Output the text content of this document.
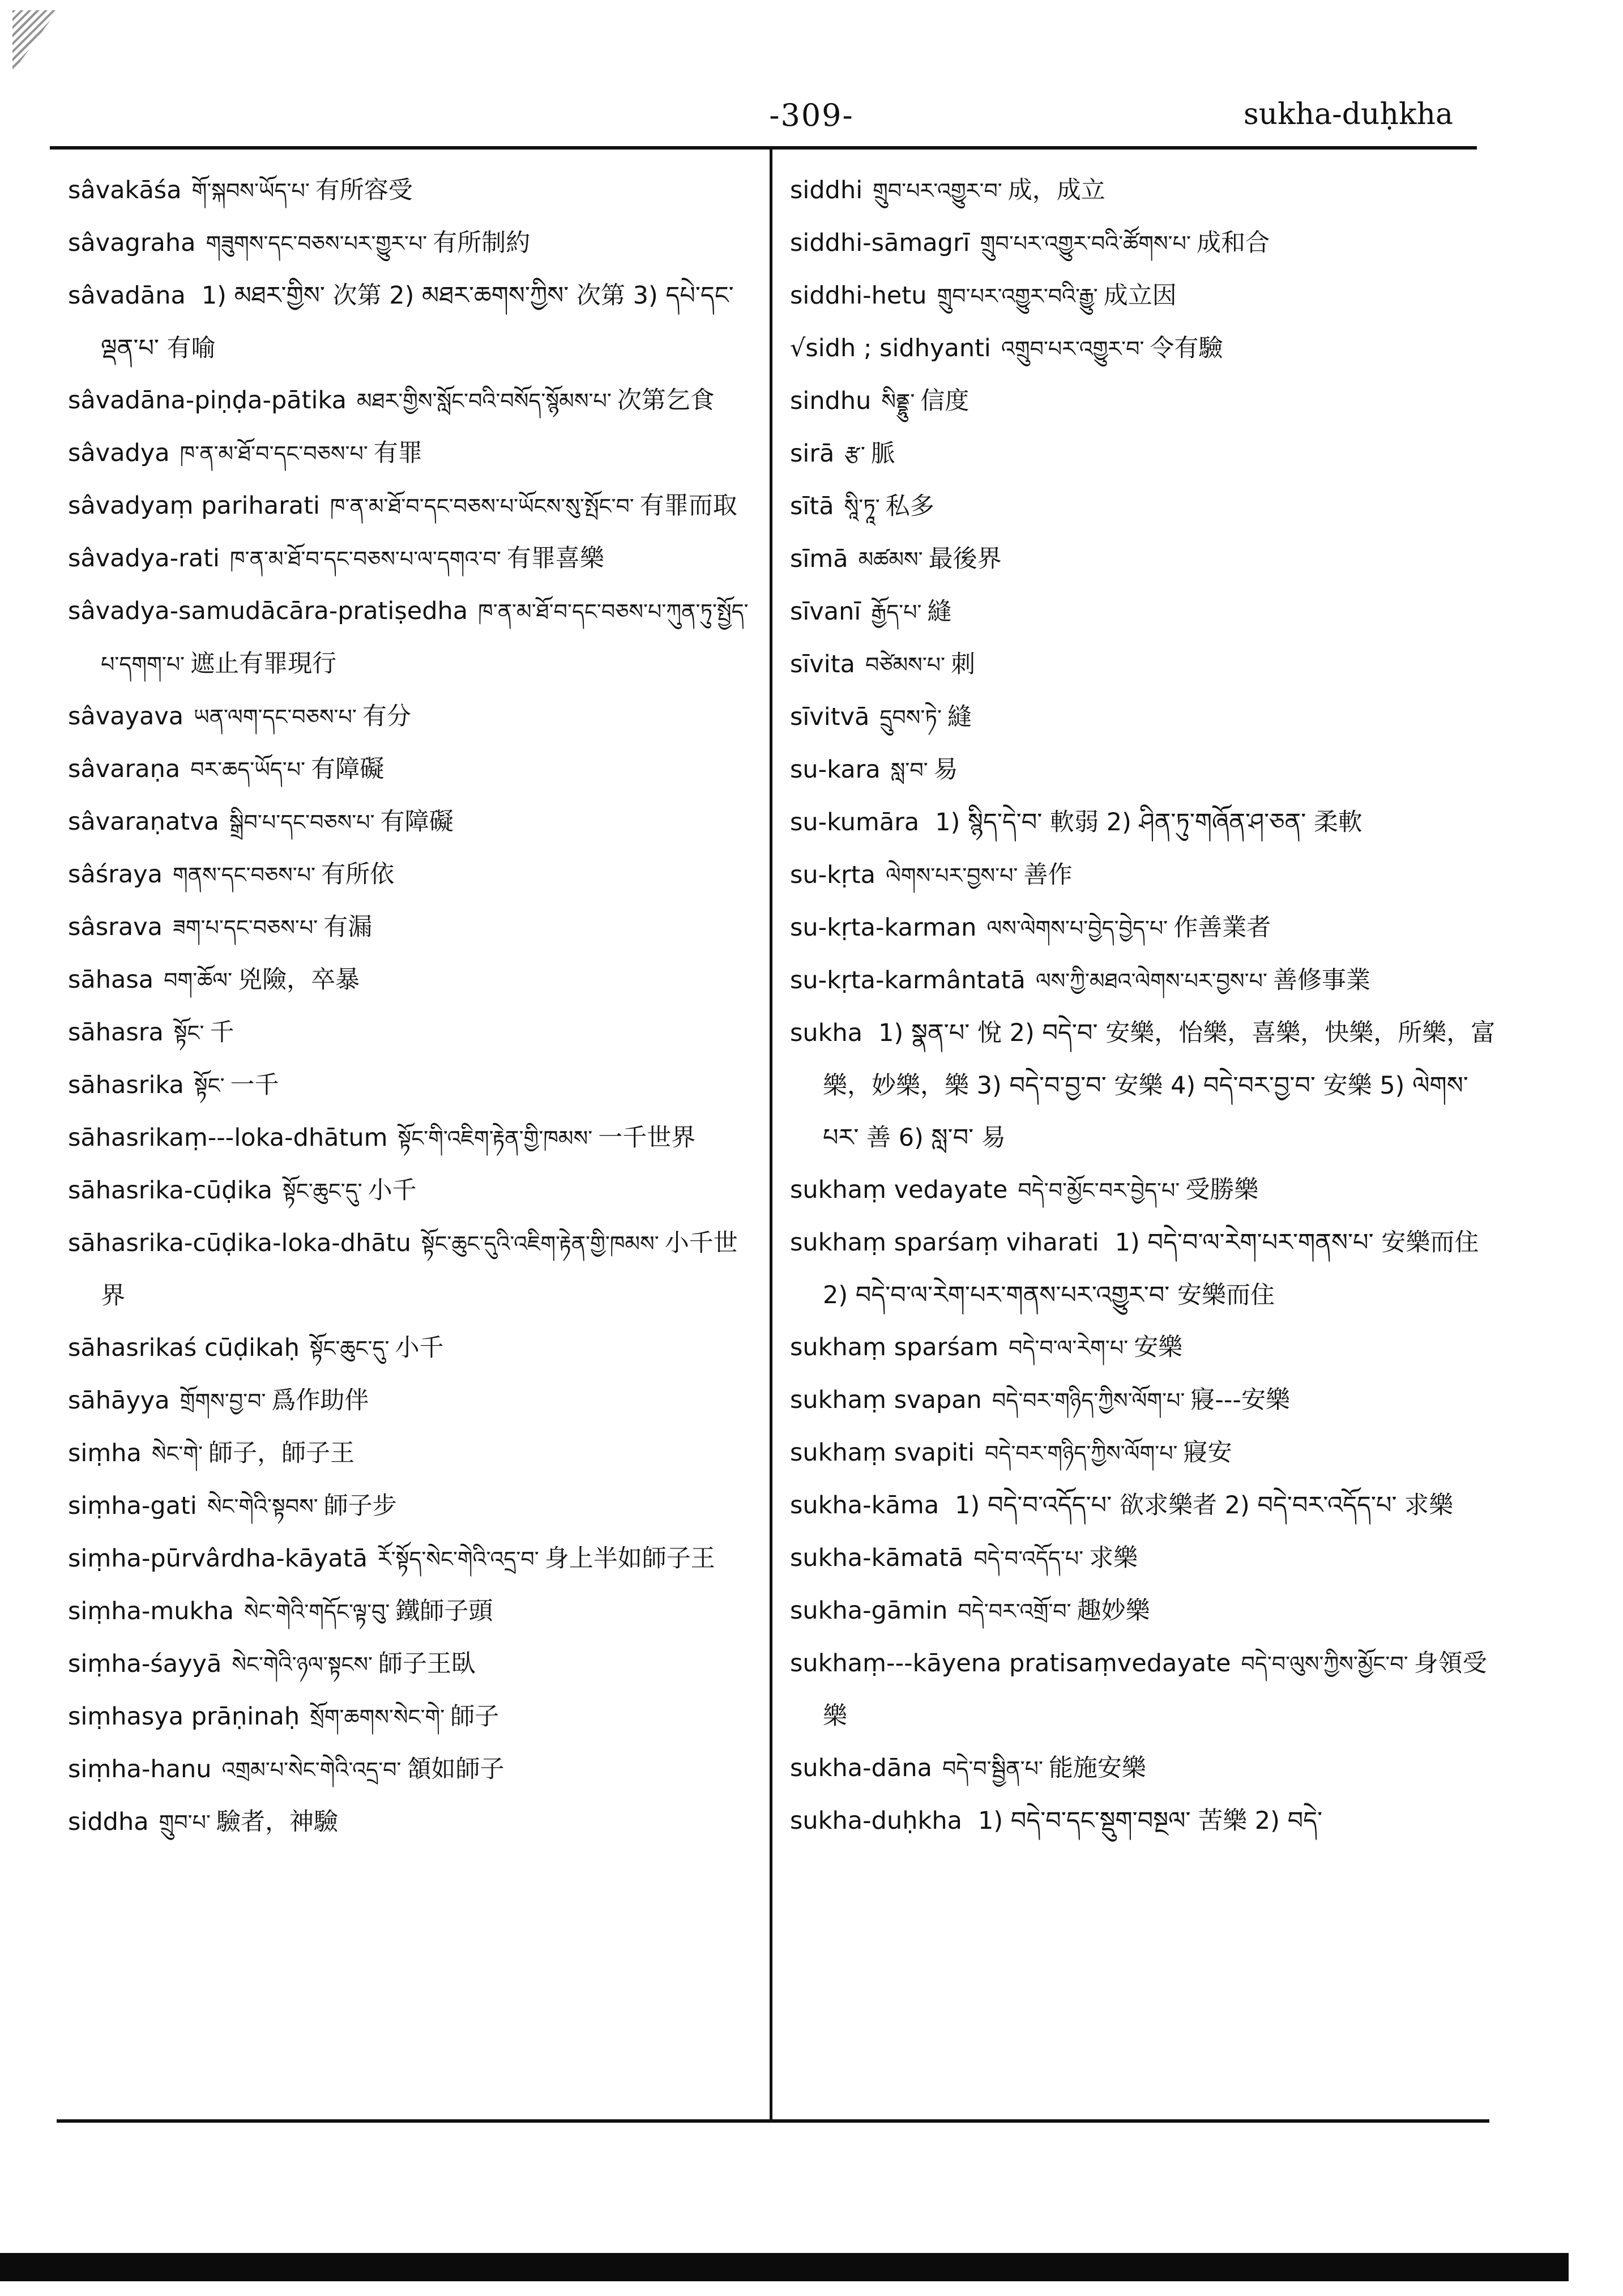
-309-	sukha-duḥkha
sâvakāśa གོ་སྐབས་ཡོད་པ་ 有所容受
sâvagraha གཟུགས་དང་བཅས་པར་གྱུར་པ་ 有所制約
sâvadāna 1) མཐར་གྱིས་ 次第 2) མཐར་ཆགས་ཀྱིས་ 次第 3) དཔེ་དང་ལྡན་པ་ 有喻
sâvadāna-piṇḍa-pātika མཐར་གྱིས་སློང་བའི་བསོད་སྙོམས་པ་ 次第乞食
sâvadya ཁ་ན་མ་ཐོ་བ་དང་བཅས་པ་ 有罪
sâvadyaṃ pariharati ཁ་ན་མ་ཐོ་བ་དང་བཅས་པ་ཡོངས་སུ་སྤོང་བ་ 有罪而取
sâvadya-rati ཁ་ན་མ་ཐོ་བ་དང་བཅས་པ་ལ་དགའ་བ་ 有罪喜樂
sâvadya-samudācāra-pratiṣedha ཁ་ན་མ་ཐོ་བ་དང་བཅས་པ་ཀུན་ཏུ་སྤྱོད་པ་དགག་པ་ 遮止有罪現行
sâvayava ཡན་ལག་དང་བཅས་པ་ 有分
sâvaraṇa བར་ཆད་ཡོད་པ་ 有障礙
sâvaraṇatva སྒྲིབ་པ་དང་བཅས་པ་ 有障礙
sâśraya གནས་དང་བཅས་པ་ 有所依
sâsrava ཟག་པ་དང་བཅས་པ་ 有漏
sāhasa བག་ཆོལ་ 兇險，卒暴
sāhasra སྟོང་ 千
sāhasrika སྟོང་ 一千
sāhasrikaṃ---loka-dhātum སྟོང་གི་འཇིག་རྟེན་གྱི་ཁམས་ 一千世界
sāhasrika-cūḍika སྟོང་ཆུང་དུ་ 小千
sāhasrika-cūḍika-loka-dhātu སྟོང་ཆུང་དུའི་འཇིག་རྟེན་གྱི་ཁམས་ 小千世界
sāhasrikaś cūḍikaḥ སྟོང་ཆུང་དུ་ 小千
sāhāyya གྲོགས་བྱ་བ་ 爲作助伴
siṃha སེང་གེ་ 師子，師子王
siṃha-gati སེང་གེའི་སྟབས་ 師子步
siṃha-pūrvârdha-kāyatā རོ་སྟོད་སེང་གེའི་འདྲ་བ་ 身上半如師子王
siṃha-mukha སེང་གེའི་གདོང་ལྟ་བུ་ 鐵師子頭
siṃha-śayyā སེང་གེའི་ཉལ་སྟངས་ 師子王臥
siṃhasya prāṇinaḥ སྲོག་ཆགས་སེང་གེ་ 師子
siṃha-hanu འགྲམ་པ་སེང་གེའི་འདྲ་བ་ 頷如師子
siddha གྲུབ་པ་ 驗者，神驗
siddhi གྲུབ་པར་འགྱུར་བ་ 成，成立
siddhi-sāmagrī གྲུབ་པར་འགྱུར་བའི་ཚོགས་པ་ 成和合
siddhi-hetu གྲུབ་པར་འགྱུར་བའི་རྒྱུ་ 成立因
√sidh ; sidhyanti འགྲུབ་པར་འགྱུར་བ་ 令有驗
sindhu སིནྡྷུ་ 信度
sirā རྩ་ 脈
sītā སཱི་ཏཱ་ 私多
sīmā མཚམས་ 最後界
sīvanī རྒྱོད་པ་ 縫
sīvita བཙེམས་པ་ 刺
sīvitvā དྲུབས་ཏེ་ 縫
su-kara སླ་བ་ 易
su-kumāra 1) སྙིད་དེ་བ་ 軟弱 2) ཤིན་ཏུ་གཞོན་ཤ་ཅན་ 柔軟
su-kṛta ལེགས་པར་བྱས་པ་ 善作
su-kṛta-karman ལས་ལེགས་པ་བྱེད་བྱེད་པ་ 作善業者
su-kṛta-karmântatā ལས་ཀྱི་མཐའ་ལེགས་པར་བྱས་པ་ 善修事業
sukha 1) སྣན་པ་ 悅 2) བདེ་བ་ 安樂，怡樂，喜樂，快樂，所樂，富樂，妙樂，樂 3) བདེ་བ་བྱ་བ་ 安樂 4) བདེ་བར་བྱ་བ་ 安樂 5) ལེགས་པར་ 善 6) སླ་བ་ 易
sukhaṃ vedayate བདེ་བ་མྱོང་བར་བྱེད་པ་ 受勝樂
sukhaṃ sparśaṃ viharati 1) བདེ་བ་ལ་རེག་པར་གནས་པ་ 安樂而住 2) བདེ་བ་ལ་རེག་པར་གནས་པར་འགྱུར་བ་ 安樂而住
sukhaṃ sparśam བདེ་བ་ལ་རེག་པ་ 安樂
sukhaṃ svapan བདེ་བར་གཉིད་ཀྱིས་ལོག་པ་ 寢---安樂
sukhaṃ svapiti བདེ་བར་གཉིད་ཀྱིས་ལོག་པ་ 寢安
sukha-kāma 1) བདེ་བ་འདོད་པ་ 欲求樂者 2) བདེ་བར་འདོད་པ་ 求樂
sukha-kāmatā བདེ་བ་འདོད་པ་ 求樂
sukha-gāmin བདེ་བར་འགྲོ་བ་ 趣妙樂
sukhaṃ---kāyena pratisaṃvedayate བདེ་བ་ལུས་ཀྱིས་མྱོང་བ་ 身領受樂
sukha-dāna བདེ་བ་སྦྱིན་པ་ 能施安樂
sukha-duḥkha 1) བདེ་བ་དང་སྡུག་བསྔལ་ 苦樂 2) བདེ་
